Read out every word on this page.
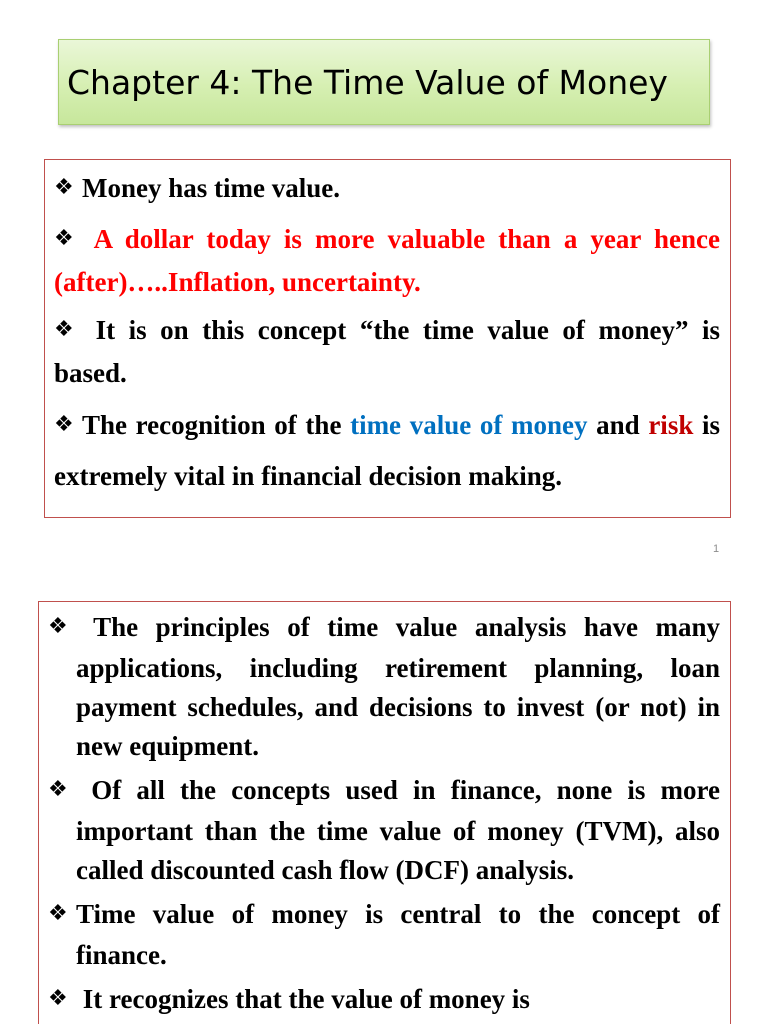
Chapter 4: The Time Value of Money

❖ Money has time value.

❖ A dollar today is more valuable than a year hence (after)…..Inflation, uncertainty.

❖ It is on this concept “the time value of money” is based.

❖ The recognition of the time value of money and risk is extremely vital in financial decision making.

1

❖ The principles of time value analysis have many applications, including retirement planning, loan payment schedules, and decisions to invest (or not) in new equipment.

❖ Of all the concepts used in finance, none is more important than the time value of money (TVM), also called discounted cash flow (DCF) analysis.

❖ Time value of money is central to the concept of finance.

❖ It recognizes that the value of money is
